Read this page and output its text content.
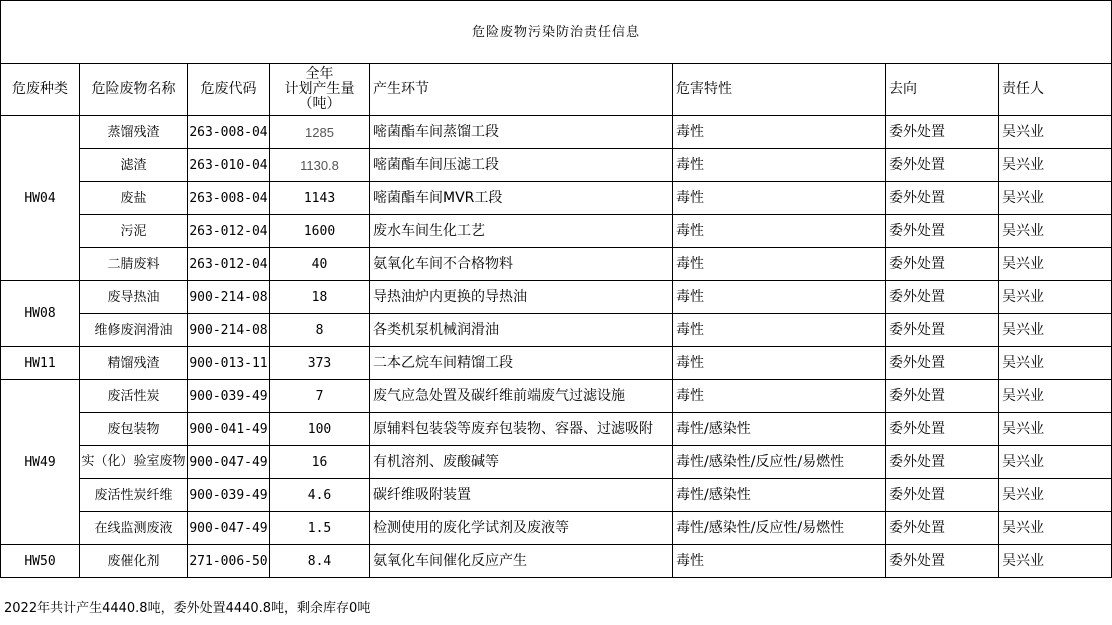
危险废物污染防治责任信息							
危废种类	危险废物名称	危废代码	全年
计划产生量
（吨）	产生环节	危害特性	去向	责任人
HW04	蒸馏残渣	263-008-04	1285	嘧菌酯车间蒸馏工段	毒性	委外处置	吴兴业
	滤渣	263-010-04	1130.8	嘧菌酯车间压滤工段	毒性	委外处置	吴兴业
	废盐	263-008-04	1143	嘧菌酯车间MVR工段	毒性	委外处置	吴兴业
	污泥	263-012-04	1600	废水车间生化工艺	毒性	委外处置	吴兴业
	二腈废料	263-012-04	40	氨氧化车间不合格物料	毒性	委外处置	吴兴业
HW08	废导热油	900-214-08	18	导热油炉内更换的导热油	毒性	委外处置	吴兴业
	维修废润滑油	900-214-08	8	各类机泵机械润滑油	毒性	委外处置	吴兴业
HW11	精馏残渣	900-013-11	373	二本乙烷车间精馏工段	毒性	委外处置	吴兴业
HW49	废活性炭	900-039-49	7	废气应急处置及碳纤维前端废气过滤设施	毒性	委外处置	吴兴业
	废包装物	900-041-49	100	原辅料包装袋等废弃包装物、容器、过滤吸附	毒性/感染性	委外处置	吴兴业
	实（化）验室废物	900-047-49	16	有机溶剂、废酸碱等	毒性/感染性/反应性/易燃性	委外处置	吴兴业
	废活性炭纤维	900-039-49	4.6	碳纤维吸附装置	毒性/感染性	委外处置	吴兴业
	在线监测废液	900-047-49	1.5	检测使用的废化学试剂及废液等	毒性/感染性/反应性/易燃性	委外处置	吴兴业
HW50	废催化剂	271-006-50	8.4	氨氧化车间催化反应产生	毒性	委外处置	吴兴业
2022年共计产生4440.8吨，委外处置4440.8吨，剩余库存0吨
